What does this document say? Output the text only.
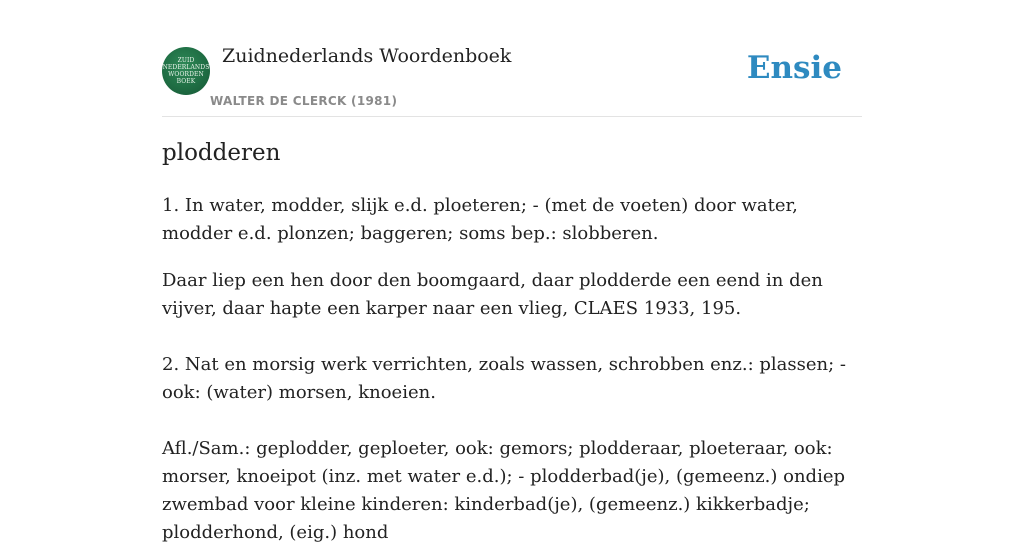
ZUID
NEDERLANDS
WOORDEN
BOEK
Zuidnederlands Woordenboek
WALTER DE CLERCK (1981)
Ensie
plodderen

1. In water, modder, slijk e.d. ploeteren; - (met de voeten) door water, modder e.d. plonzen; baggeren; soms bep.: slobberen.

Daar liep een hen door den boomgaard, daar plodderde een eend in den vijver, daar hapte een karper naar een vlieg, CLAES 1933, 195.

2. Nat en morsig werk verrichten, zoals wassen, schrobben enz.: plassen; - ook: (water) morsen, knoeien.

Afl./Sam.: geplodder, geploeter, ook: gemors; plodderaar, ploeteraar, ook: morser, knoeipot (inz. met water e.d.); - plodderbad(je), (gemeenz.) ondiep zwembad voor kleine kinderen: kinderbad(je), (gemeenz.) kikkerbadje; plodderhond, (eig.) hond
